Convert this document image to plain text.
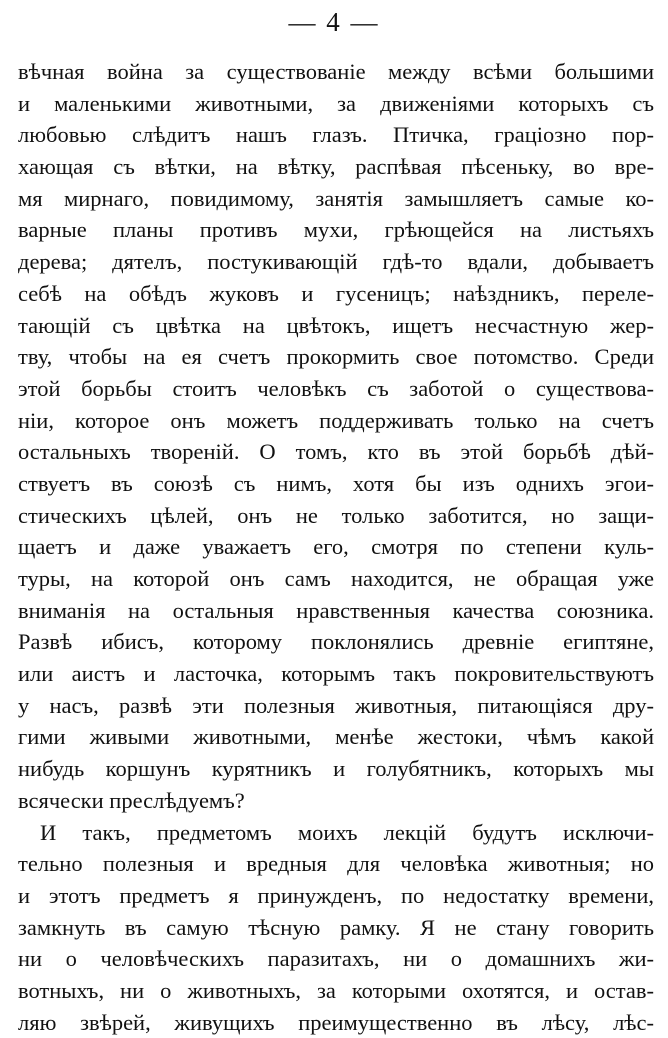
— 4 —
вѣчная война за существованіе между всѣми большими
и маленькими животными, за движеніями которыхъ съ
любовью слѣдитъ нашъ глазъ. Птичка, граціозно пор-
хающая съ вѣтки, на вѣтку, распѣвая пѣсеньку, во вре-
мя мирнаго, повидимому, занятія замышляетъ самые ко-
варные планы противъ мухи, грѣющейся на листьяхъ
дерева; дятелъ, постукивающій гдѣ-то вдали, добываетъ
себѣ на обѣдъ жуковъ и гусеницъ; наѣздникъ, переле-
тающій съ цвѣтка на цвѣтокъ, ищетъ несчастную жер-
тву, чтобы на ея счетъ прокормить свое потомство. Среди
этой борьбы стоитъ человѣкъ съ заботой о существова-
ніи, которое онъ можетъ поддерживать только на счетъ
остальныхъ твореній. О томъ, кто въ этой борьбѣ дѣй-
ствуетъ въ союзѣ съ нимъ, хотя бы изъ однихъ эгои-
стическихъ цѣлей, онъ не только заботится, но защи-
щаетъ и даже уважаетъ его, смотря по степени куль-
туры, на которой онъ самъ находится, не обращая уже
вниманія на остальныя нравственныя качества союзника.
Развѣ ибисъ, которому поклонялись древніе египтяне,
или аистъ и ласточка, которымъ такъ покровительствуютъ
у насъ, развѣ эти полезныя животныя, питающіяся дру-
гими живыми животными, менѣе жестоки, чѣмъ какой
нибудь коршунъ курятникъ и голубятникъ, которыхъ мы
всячески преслѣдуемъ?
И такъ, предметомъ моихъ лекцій будутъ исключи-
тельно полезныя и вредныя для человѣка животныя; но
и этотъ предметъ я принужденъ, по недостатку времени,
замкнуть въ самую тѣсную рамку. Я не стану говорить
ни о человѣческихъ паразитахъ, ни о домашнихъ жи-
вотныхъ, ни о животныхъ, за которыми охотятся, и остав-
ляю звѣрей, живущихъ преимущественно въ лѣсу, лѣс-
